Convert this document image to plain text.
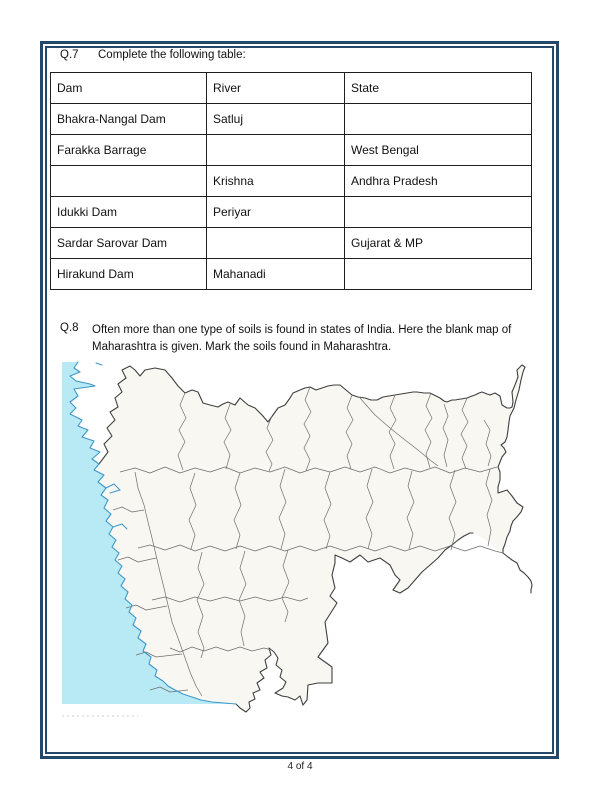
Q.7	Complete the following table:
Dam	River	State
Bhakra-Nangal Dam	Satluj	
Farakka Barrage		West Bengal
	Krishna	Andhra Pradesh
Idukki Dam	Periyar	
Sardar Sarovar Dam		Gujarat & MP
Hirakund Dam	Mahanadi	
Q.8	Often more than one type of soils is found in states of India. Here the blank map of
Maharashtra is given. Mark the soils found in Maharashtra.
4 of 4
